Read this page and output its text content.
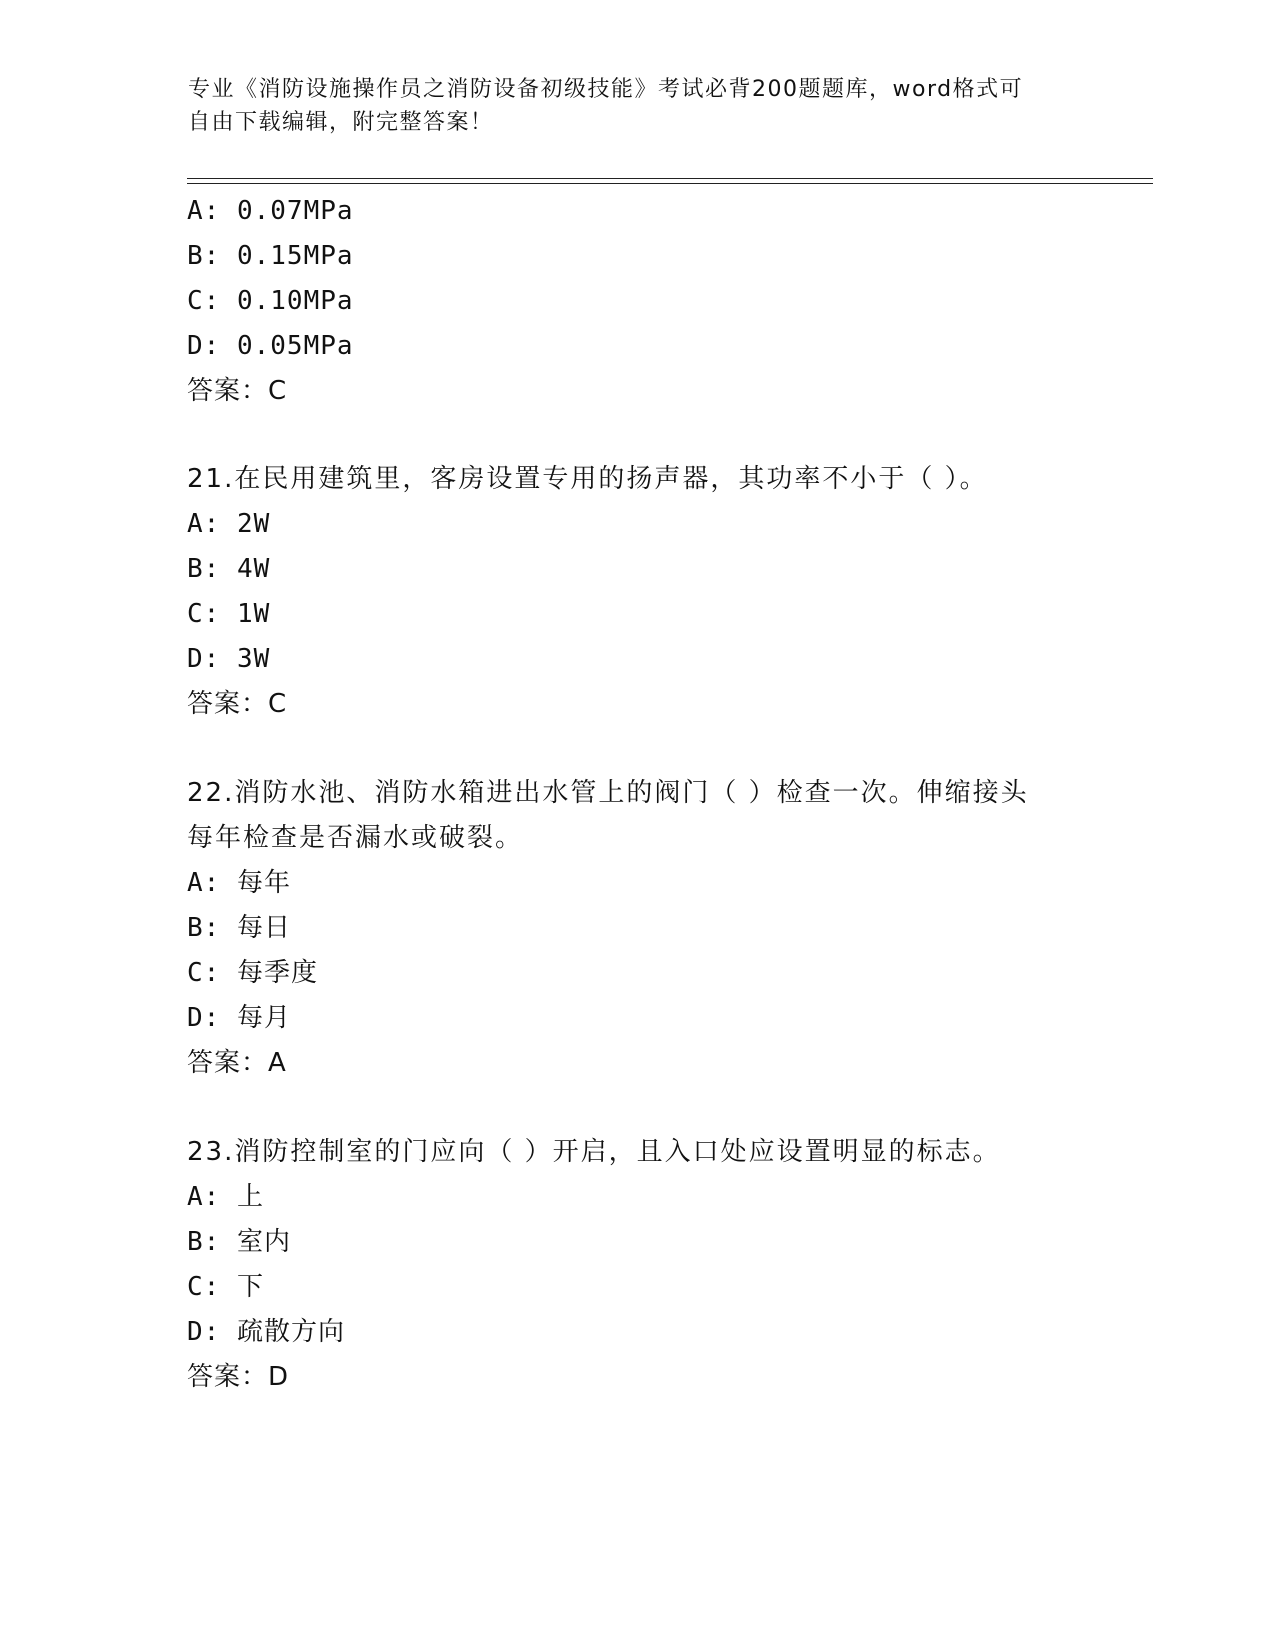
专业《消防设施操作员之消防设备初级技能》考试必背200题题库，word格式可
自由下载编辑，附完整答案！
A: 0.07MPa
B: 0.15MPa
C: 0.10MPa
D: 0.05MPa
答案：C
21.在民用建筑里，客房设置专用的扬声器，其功率不小于（ ）。
A: 2W
B: 4W
C: 1W
D: 3W
答案：C
22.消防水池、消防水箱进出水管上的阀门（ ）检查一次。伸缩接头
每年检查是否漏水或破裂。
A: 每年
B: 每日
C: 每季度
D: 每月
答案：A
23.消防控制室的门应向（ ）开启，且入口处应设置明显的标志。
A: 上
B: 室内
C: 下
D: 疏散方向
答案：D
